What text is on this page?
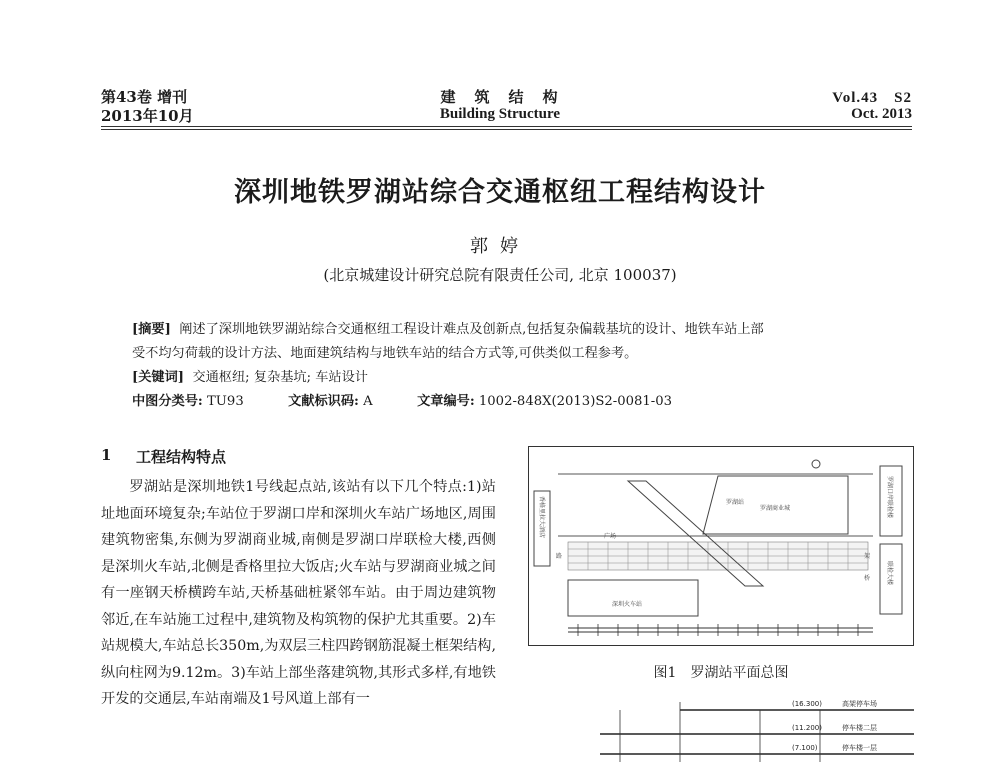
第43卷 增刊
2013年10月
建　筑　结　构
Building Structure
Vol.43　S2
Oct. 2013
深圳地铁罗湖站综合交通枢纽工程结构设计
郭婷
(北京城建设计研究总院有限责任公司, 北京 100037)
[摘要] 阐述了深圳地铁罗湖站综合交通枢纽工程设计难点及创新点,包括复杂偏载基坑的设计、地铁车站上部
受不均匀荷载的设计方法、地面建筑结构与地铁车站的结合方式等,可供类似工程参考。
[关键词] 交通枢纽; 复杂基坑; 车站设计
中图分类号: TU93	文献标识码: A	文章编号: 1002-848X(2013)S2-0081-03
1 工程结构特点

罗湖站是深圳地铁1号线起点站,该站有以下几个特点:1)站址地面环境复杂;车站位于罗湖口岸和深圳火车站广场地区,周围建筑物密集,东侧为罗湖商业城,南侧是罗湖口岸联检大楼,西侧是深圳火车站,北侧是香格里拉大饭店;火车站与罗湖商业城之间有一座钢天桥横跨车站,天桥基础桩紧邻车站。由于周边建筑物邻近,在车站施工过程中,建筑物及构筑物的保护尤其重要。2)车站规模大,车站总长350m,为双层三柱四跨钢筋混凝土框架结构,纵向柱网为9.12m。3)车站上部坐落建筑物,其形式多样,有地铁开发的交通层,车站南端及1号风道上部有一

罗湖商业城
罗湖站
深圳火车站
广场
路	架
桥
香格里拉大酒店	罗湖口岸联检楼
联检大楼
图1　罗湖站平面总图
(16.300)	高架停车场
(11.200)	停车楼二层
(7.100)	停车楼一层
